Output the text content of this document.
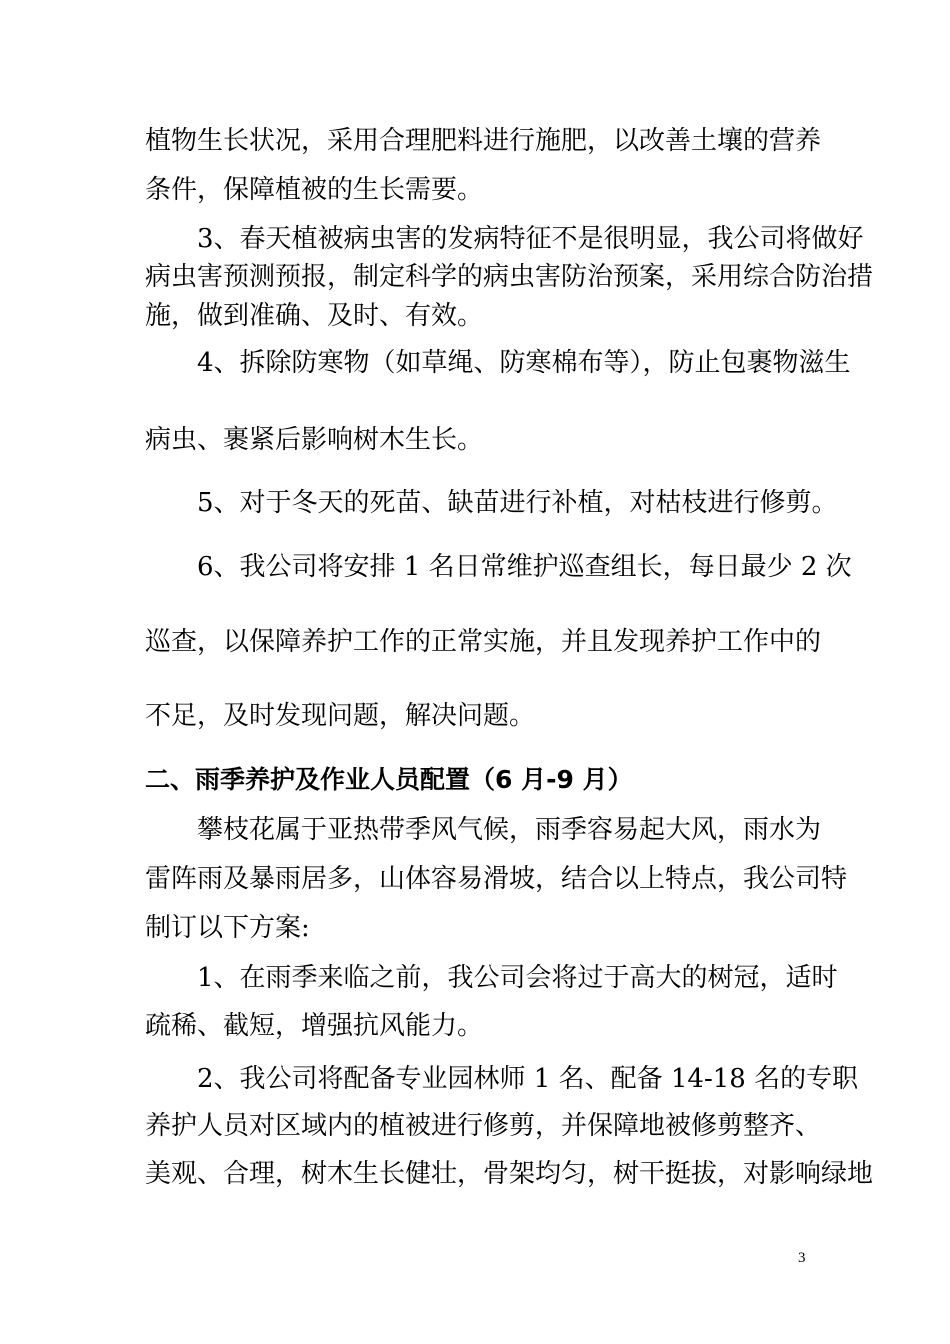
植物生长状况，采用合理肥料进行施肥，以改善土壤的营养
条件，保障植被的生长需要。
3、春天植被病虫害的发病特征不是很明显，我公司将做好
病虫害预测预报，制定科学的病虫害防治预案，采用综合防治措
施，做到准确、及时、有效。
4、拆除防寒物（如草绳、防寒棉布等），防止包裹物滋生
病虫、裹紧后影响树木生长。
5、对于冬天的死苗、缺苗进行补植，对枯枝进行修剪。
6、我公司将安排 1 名日常维护巡查组长，每日最少 2 次
巡查，以保障养护工作的正常实施，并且发现养护工作中的
不足，及时发现问题，解决问题。
二、雨季养护及作业人员配置（6 月-9 月）
攀枝花属于亚热带季风气候，雨季容易起大风，雨水为
雷阵雨及暴雨居多，山体容易滑坡，结合以上特点，我公司特
制订以下方案:
1、在雨季来临之前，我公司会将过于高大的树冠，适时
疏稀、截短，增强抗风能力。
2、我公司将配备专业园林师 1 名、配备 14-18 名的专职
养护人员对区域内的植被进行修剪，并保障地被修剪整齐、
美观、合理，树木生长健壮，骨架均匀，树干挺拔，对影响绿地
3
